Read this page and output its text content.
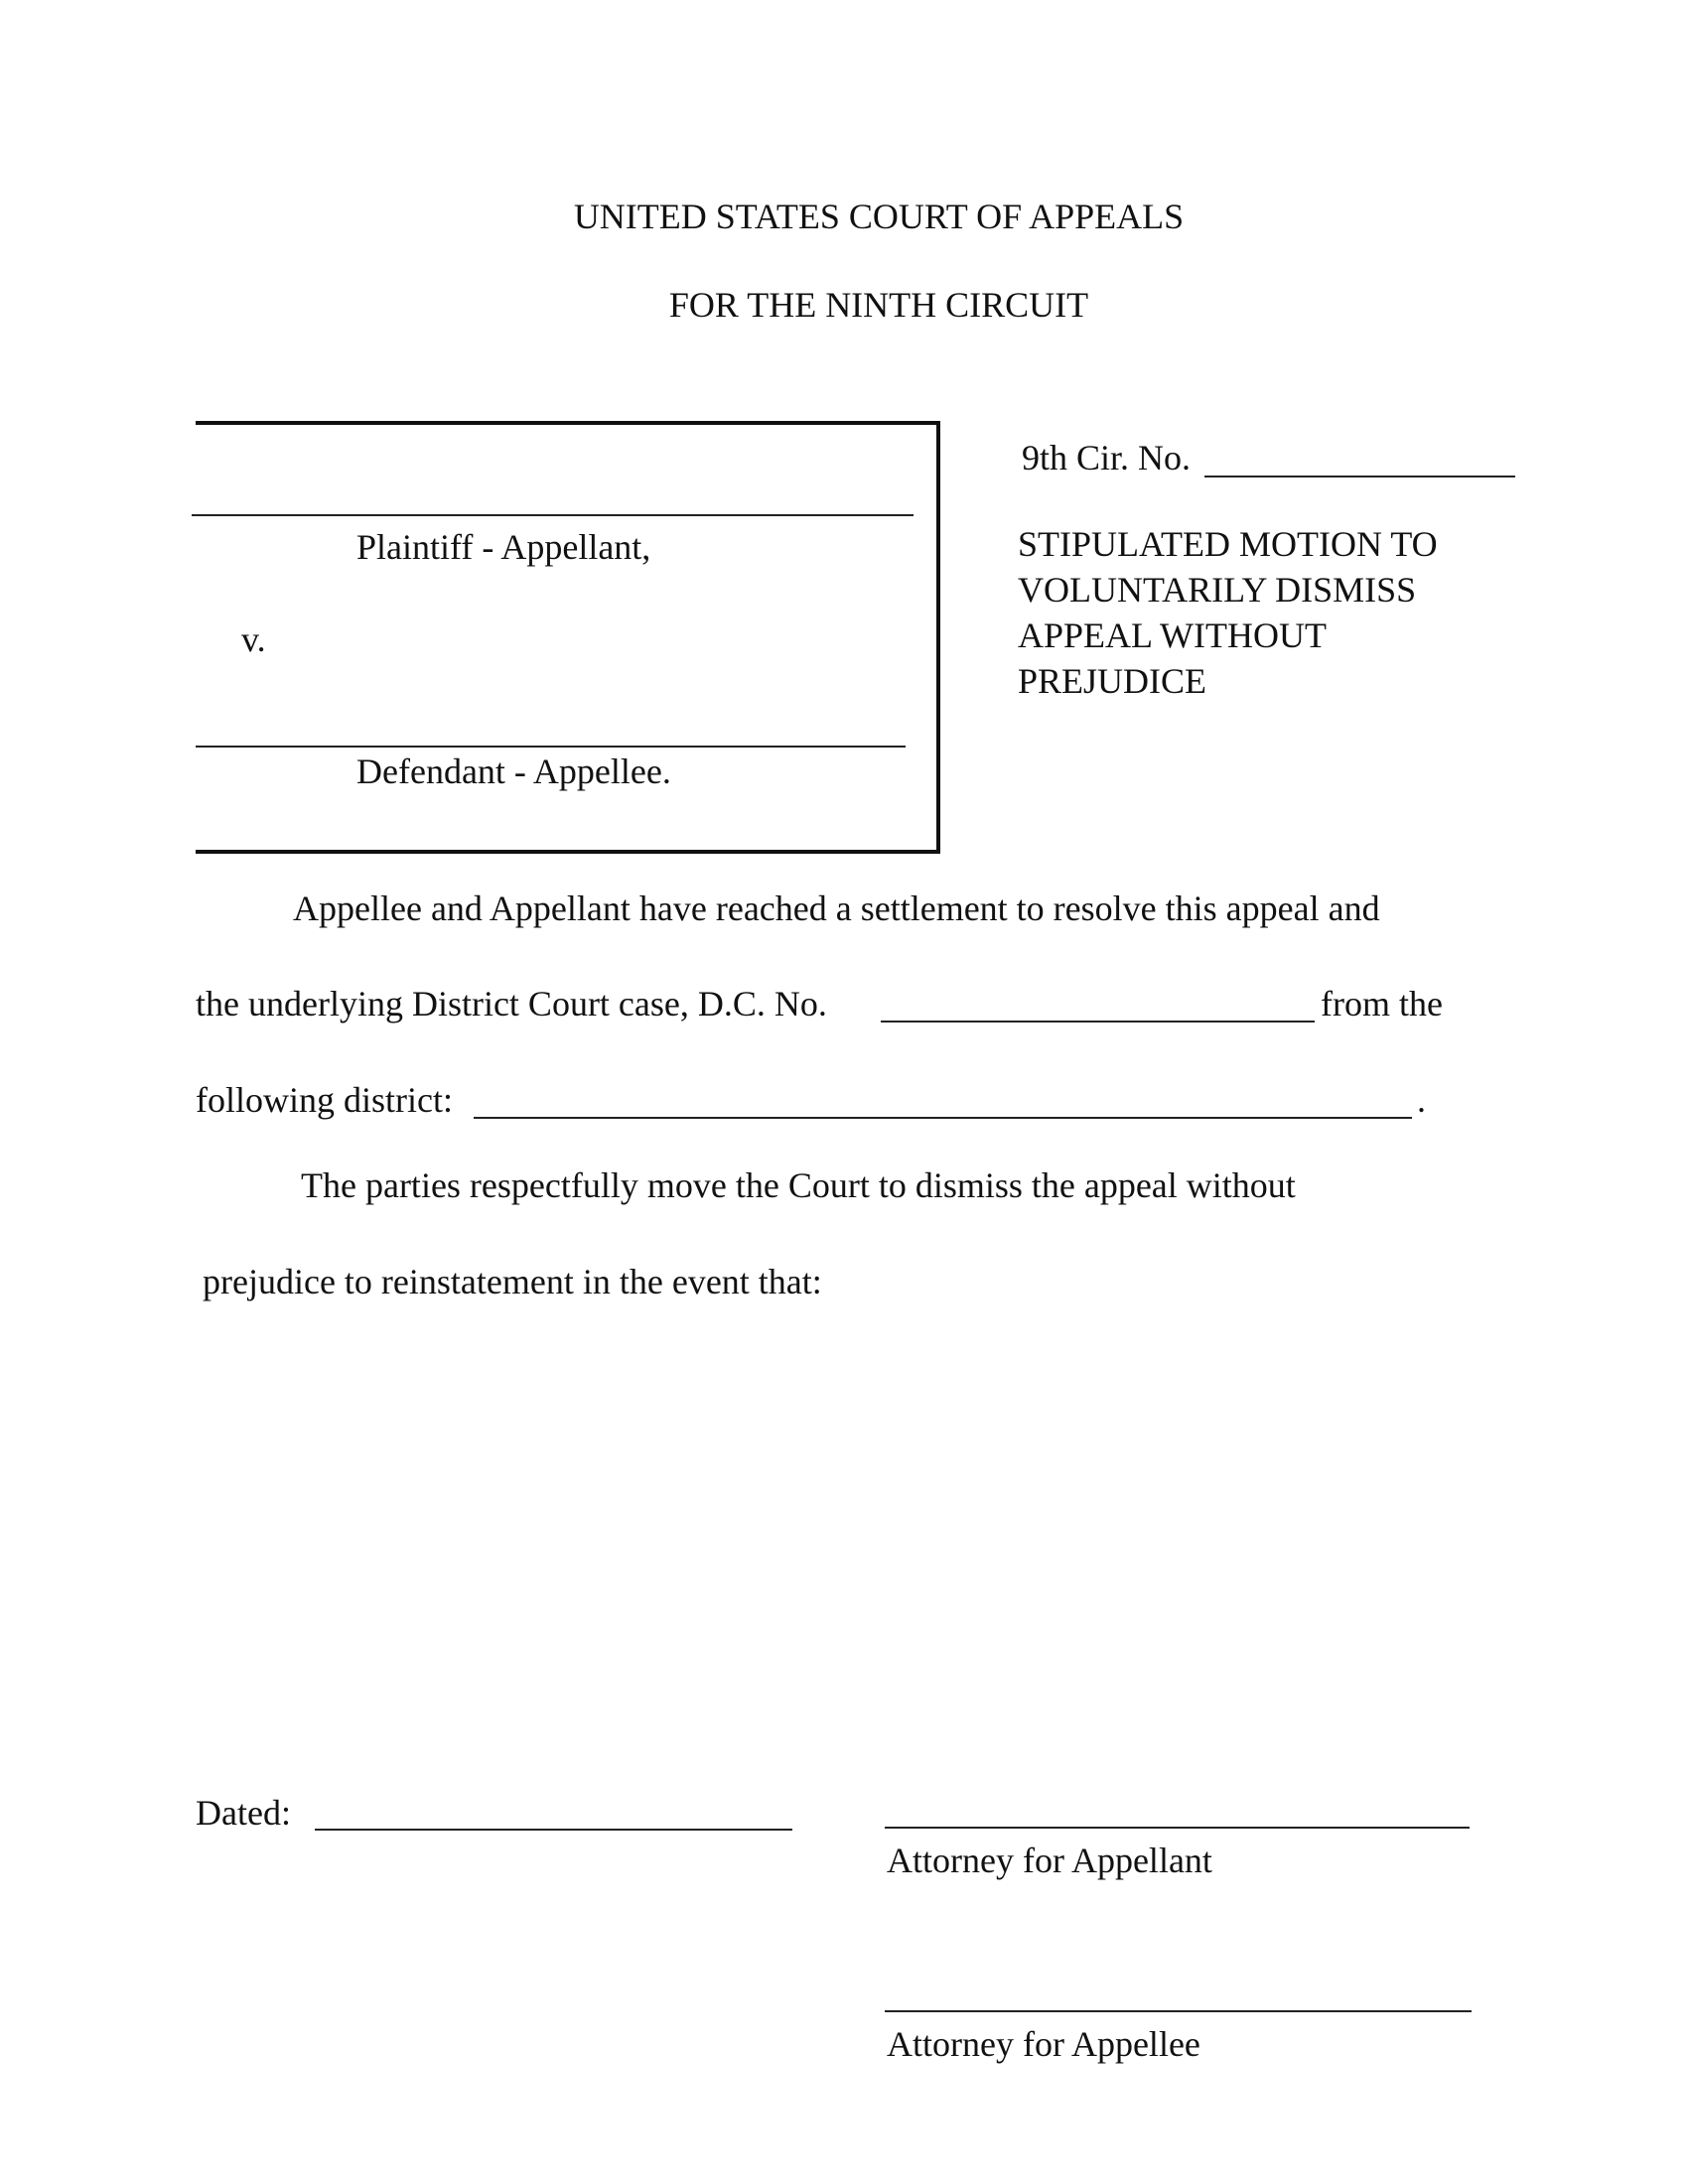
UNITED STATES COURT OF APPEALS
FOR THE NINTH CIRCUIT
Plaintiff - Appellant,
v.
Defendant - Appellee.
9th Cir. No.
STIPULATED MOTION TO
VOLUNTARILY DISMISS
APPEAL WITHOUT
PREJUDICE
Appellee and Appellant have reached a settlement to resolve this appeal and
the underlying District Court case, D.C. No.	from the
following district:	.
The parties respectfully move the Court to dismiss the appeal without
prejudice to reinstatement in the event that:
Dated:
Attorney for Appellant
Attorney for Appellee
